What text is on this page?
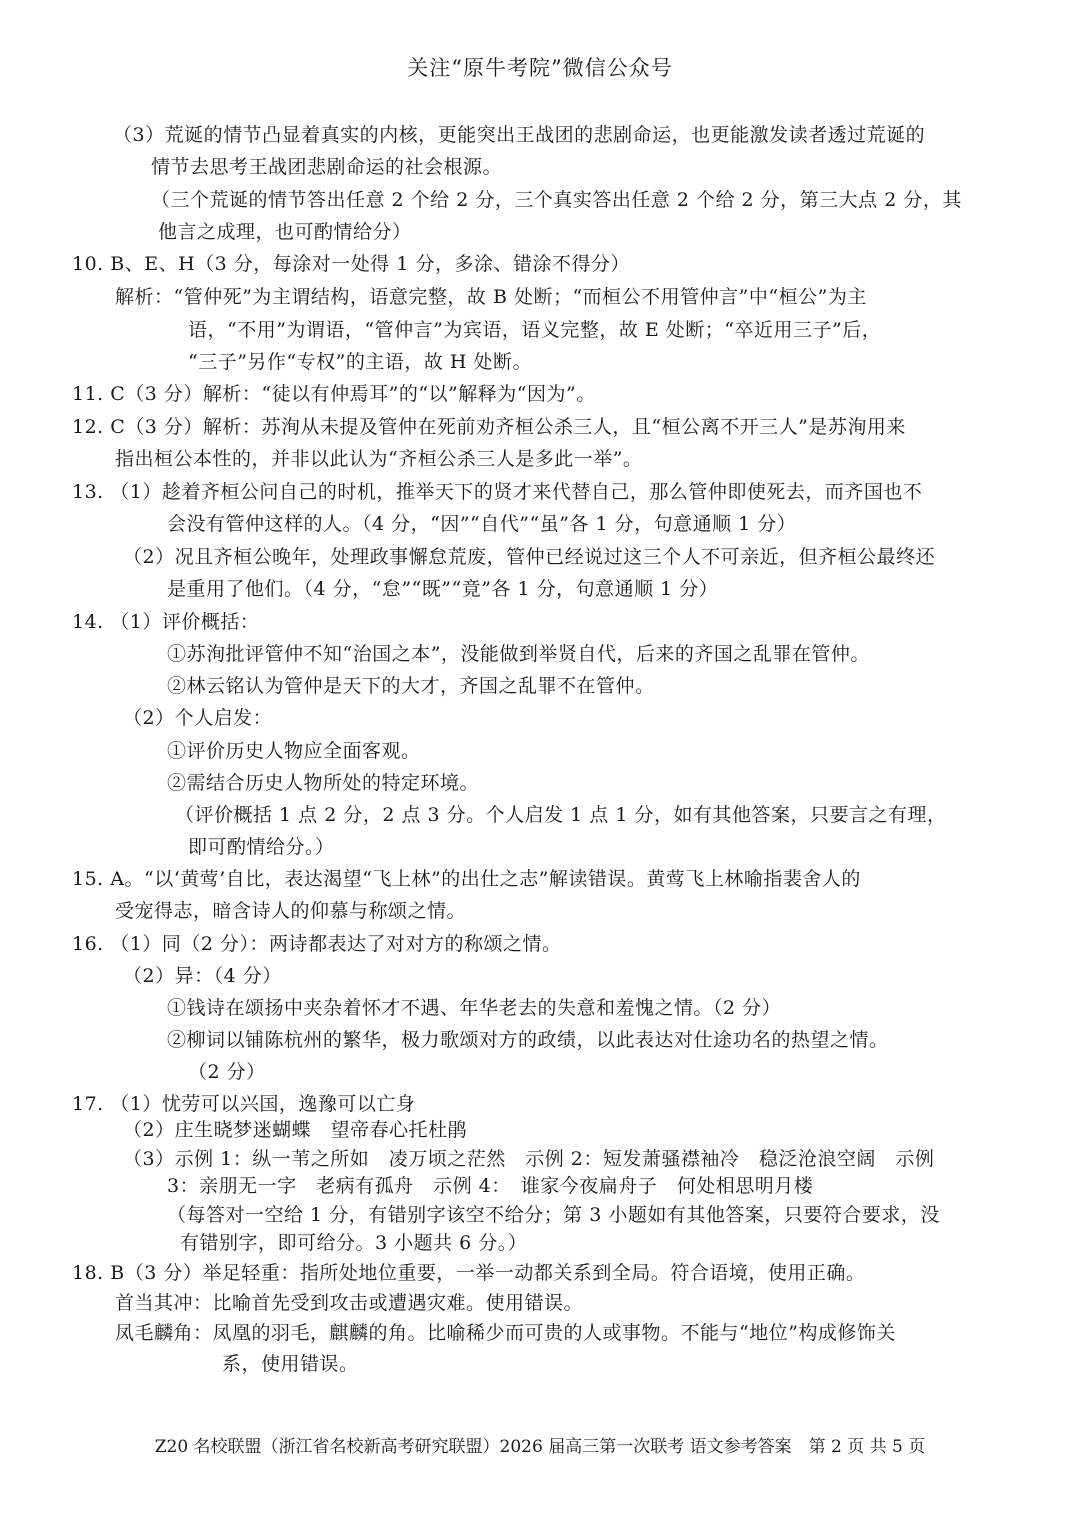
关注“原牛考院”微信公众号
（3）荒诞的情节凸显着真实的内核，更能突出王战团的悲剧命运，也更能激发读者透过荒诞的
情节去思考王战团悲剧命运的社会根源。
（三个荒诞的情节答出任意 2 个给 2 分，三个真实答出任意 2 个给 2 分，第三大点 2 分，其
他言之成理，也可酌情给分）
10. B、E、H（3 分，每涂对一处得 1 分，多涂、错涂不得分）
解析：“管仲死”为主谓结构，语意完整，故 B 处断；“而桓公不用管仲言”中“桓公”为主
语，“不用”为谓语，“管仲言”为宾语，语义完整，故 E 处断；“卒近用三子”后，
“三子”另作“专权”的主语，故 H 处断。
11. C（3 分）解析：“徒以有仲焉耳”的“以”解释为“因为”。
12. C（3 分）解析：苏洵从未提及管仲在死前劝齐桓公杀三人，且“桓公离不开三人”是苏洵用来
指出桓公本性的，并非以此认为“齐桓公杀三人是多此一举”。
13. （1）趁着齐桓公问自己的时机，推举天下的贤才来代替自己，那么管仲即使死去，而齐国也不
会没有管仲这样的人。（4 分，“因”“自代”“虽”各 1 分，句意通顺 1 分）
（2）况且齐桓公晚年，处理政事懈怠荒废，管仲已经说过这三个人不可亲近，但齐桓公最终还
是重用了他们。（4 分，“怠”“既”“竟”各 1 分，句意通顺 1 分）
14. （1）评价概括：
①苏洵批评管仲不知“治国之本”，没能做到举贤自代，后来的齐国之乱罪在管仲。
②林云铭认为管仲是天下的大才，齐国之乱罪不在管仲。
（2）个人启发：
①评价历史人物应全面客观。
②需结合历史人物所处的特定环境。
（评价概括 1 点 2 分，2 点 3 分。个人启发 1 点 1 分，如有其他答案，只要言之有理，
即可酌情给分。）
15. A。“以‘黄莺’自比，表达渴望“飞上林”的出仕之志”解读错误。黄莺飞上林喻指裴舍人的
受宠得志，暗含诗人的仰慕与称颂之情。
16. （1）同（2 分）：两诗都表达了对对方的称颂之情。
（2）异：（4 分）
①钱诗在颂扬中夹杂着怀才不遇、年华老去的失意和羞愧之情。（2 分）
②柳词以铺陈杭州的繁华，极力歌颂对方的政绩，以此表达对仕途功名的热望之情。
（2 分）
17. （1）忧劳可以兴国，逸豫可以亡身
（2）庄生晓梦迷蝴蝶　望帝春心托杜鹃
（3）示例 1：纵一苇之所如　凌万顷之茫然　示例 2：短发萧骚襟袖冷　稳泛沧浪空阔　示例
3：亲朋无一字　老病有孤舟　示例 4：　谁家今夜扁舟子　何处相思明月楼
（每答对一空给 1 分，有错别字该空不给分；第 3 小题如有其他答案，只要符合要求，没
有错别字，即可给分。3 小题共 6 分。）
18. B（3 分）举足轻重：指所处地位重要，一举一动都关系到全局。符合语境，使用正确。
首当其冲：比喻首先受到攻击或遭遇灾难。使用错误。
凤毛麟角：凤凰的羽毛，麒麟的角。比喻稀少而可贵的人或事物。不能与“地位”构成修饰关
系，使用错误。
Z20 名校联盟（浙江省名校新高考研究联盟）2026 届高三第一次联考 语文参考答案　第 2 页 共 5 页
